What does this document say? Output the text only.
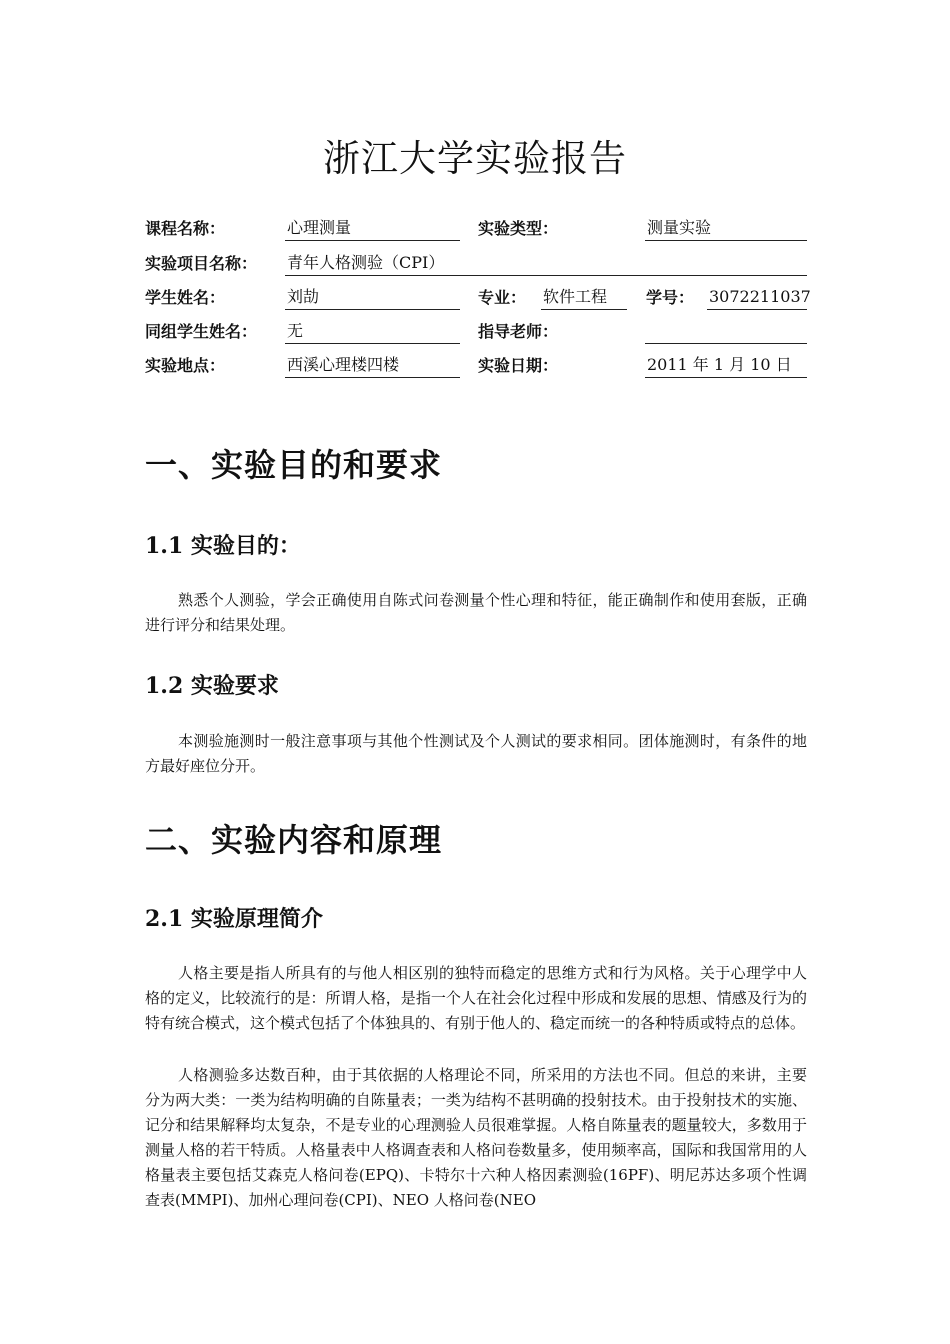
浙江大学实验报告
课程名称：	心理测量	实验类型：	测量实验
实验项目名称： 青年人格测验（CPI）
学生姓名：	刘劼	专业： 软件工程	学号： 3072211037
同组学生姓名： 无	指导老师：
实验地点：	西溪心理楼四楼	实验日期：	2011 年 1 月 10 日
一、实验目的和要求
1.1 实验目的：

熟悉个人测验，学会正确使用自陈式问卷测量个性心理和特征，能正确制作和使用套版，正确进行评分和结果处理。

1.2 实验要求

本测验施测时一般注意事项与其他个性测试及个人测试的要求相同。团体施测时，有条件的地方最好座位分开。

二、实验内容和原理
2.1 实验原理简介

人格主要是指人所具有的与他人相区别的独特而稳定的思维方式和行为风格。关于心理学中人格的定义，比较流行的是：所谓人格，是指一个人在社会化过程中形成和发展的思想、情感及行为的特有统合模式，这个模式包括了个体独具的、有别于他人的、稳定而统一的各种特质或特点的总体。

人格测验多达数百种，由于其依据的人格理论不同，所采用的方法也不同。但总的来讲，主要分为两大类：一类为结构明确的自陈量表；一类为结构不甚明确的投射技术。由于投射技术的实施、记分和结果解释均太复杂，不是专业的心理测验人员很难掌握。人格自陈量表的题量较大，多数用于测量人格的若干特质。人格量表中人格调查表和人格问卷数量多，使用频率高，国际和我国常用的人格量表主要包括艾森克人格问卷(EPQ)、卡特尔十六种人格因素测验(16PF)、明尼苏达多项个性调查表(MMPI)、加州心理问卷(CPI)、NEO 人格问卷(NEO
